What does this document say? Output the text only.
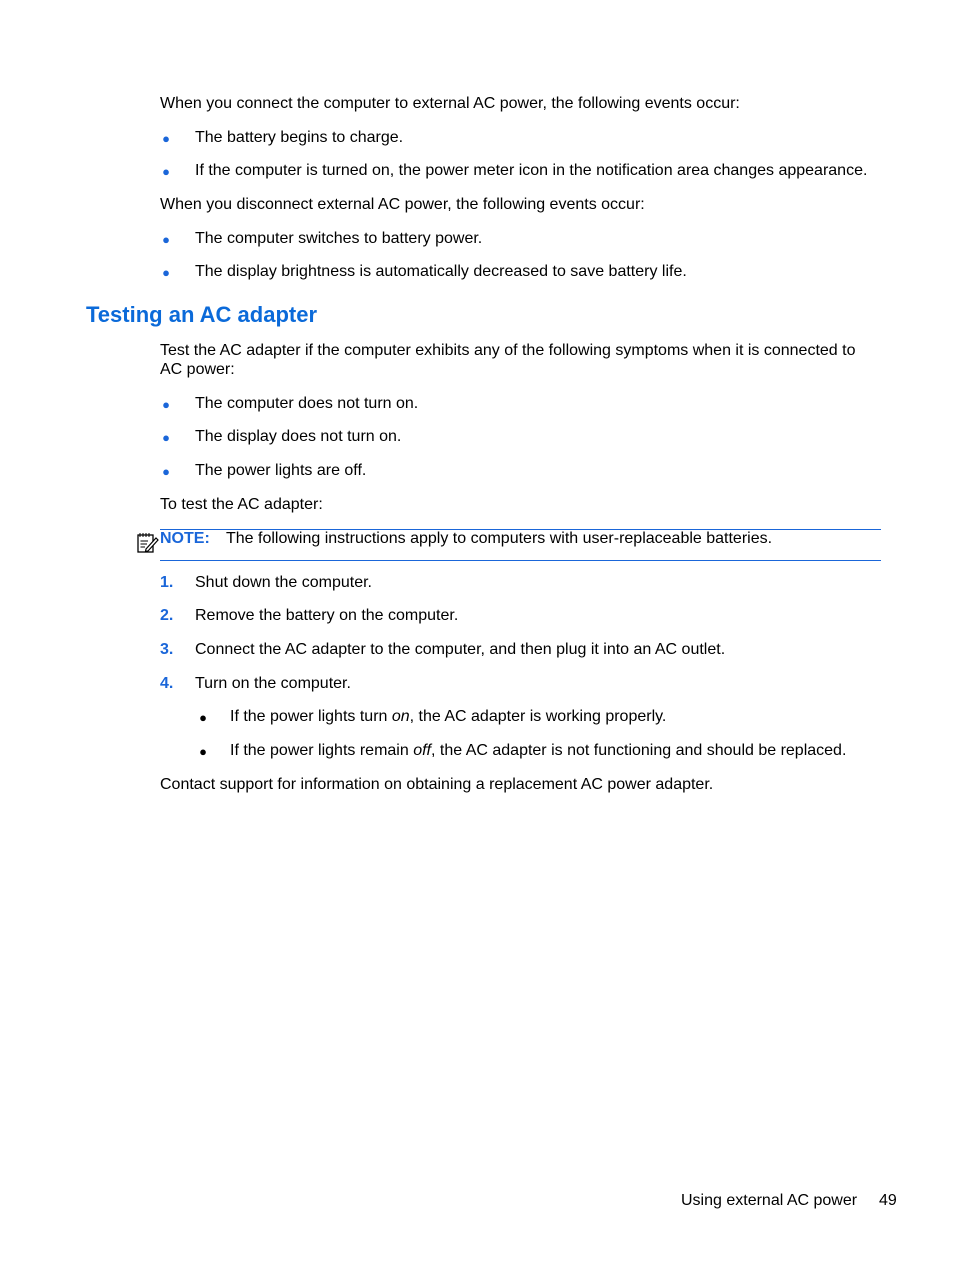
When you connect the computer to external AC power, the following events occur:
● The battery begins to charge.
● If the computer is turned on, the power meter icon in the notification area changes appearance.
When you disconnect external AC power, the following events occur:
● The computer switches to battery power.
● The display brightness is automatically decreased to save battery life.
Testing an AC adapter
Test the AC adapter if the computer exhibits any of the following symptoms when it is connected to
AC power:
● The computer does not turn on.
● The display does not turn on.
● The power lights are off.
To test the AC adapter:
NOTE: The following instructions apply to computers with user-replaceable batteries.
1. Shut down the computer.
2. Remove the battery on the computer.
3. Connect the AC adapter to the computer, and then plug it into an AC outlet.
4. Turn on the computer.
● If the power lights turn on, the AC adapter is working properly.
● If the power lights remain off, the AC adapter is not functioning and should be replaced.
Contact support for information on obtaining a replacement AC power adapter.
Using external AC power 49
